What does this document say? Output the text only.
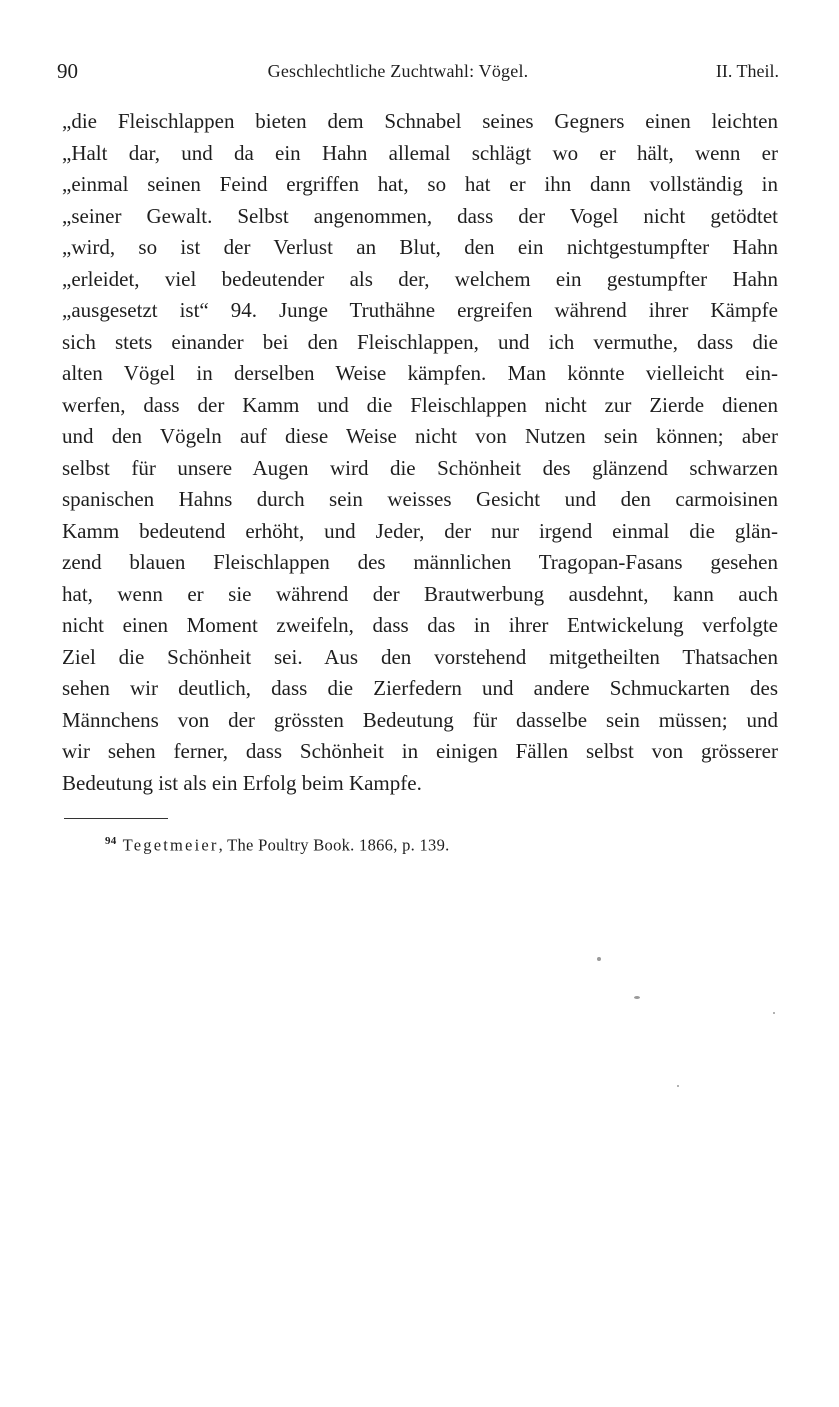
90	Geschlechtliche Zuchtwahl: Vögel.	II. Theil.
„die Fleischlappen bieten dem Schnabel seines Gegners einen leichten
„Halt dar, und da ein Hahn allemal schlägt wo er hält, wenn er
„einmal seinen Feind ergriffen hat, so hat er ihn dann vollständig in
„seiner Gewalt. Selbst angenommen, dass der Vogel nicht getödtet
„wird, so ist der Verlust an Blut, den ein nichtgestumpfter Hahn
„erleidet, viel bedeutender als der, welchem ein gestumpfter Hahn
„ausgesetzt ist“ 94. Junge Truthähne ergreifen während ihrer Kämpfe
sich stets einander bei den Fleischlappen, und ich vermuthe, dass die
alten Vögel in derselben Weise kämpfen. Man könnte vielleicht ein-
werfen, dass der Kamm und die Fleischlappen nicht zur Zierde dienen
und den Vögeln auf diese Weise nicht von Nutzen sein können; aber
selbst für unsere Augen wird die Schönheit des glänzend schwarzen
spanischen Hahns durch sein weisses Gesicht und den carmoisinen
Kamm bedeutend erhöht, und Jeder, der nur irgend einmal die glän-
zend blauen Fleischlappen des männlichen Tragopan-Fasans gesehen
hat, wenn er sie während der Brautwerbung ausdehnt, kann auch
nicht einen Moment zweifeln, dass das in ihrer Entwickelung verfolgte
Ziel die Schönheit sei. Aus den vorstehend mitgetheilten Thatsachen
sehen wir deutlich, dass die Zierfedern und andere Schmuckarten des
Männchens von der grössten Bedeutung für dasselbe sein müssen; und
wir sehen ferner, dass Schönheit in einigen Fällen selbst von grösserer
Bedeutung ist als ein Erfolg beim Kampfe.
$^{94}$ Tegetmeier, The Poultry Book. 1866, p. 139.
